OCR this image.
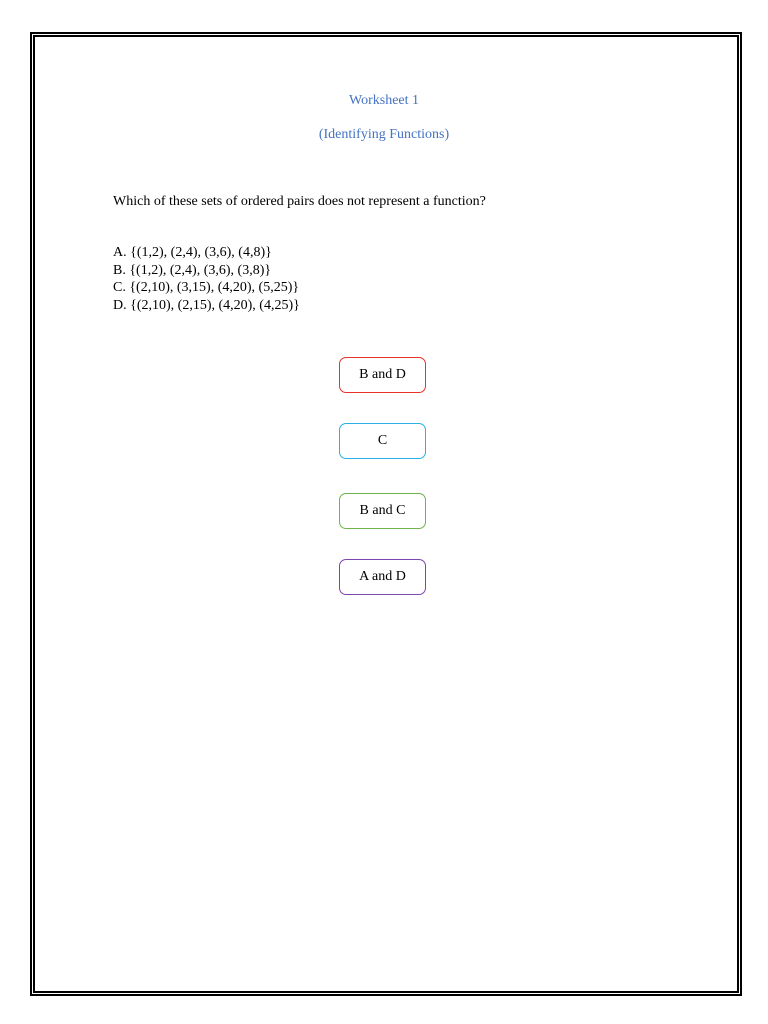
Worksheet 1
(Identifying Functions)
Which of these sets of ordered pairs does not represent a function?
A. {(1,2), (2,4), (3,6), (4,8)}
B. {(1,2), (2,4), (3,6), (3,8)}
C. {(2,10), (3,15), (4,20), (5,25)}
D. {(2,10), (2,15), (4,20), (4,25)}
B and D
C
B and C
A and D
